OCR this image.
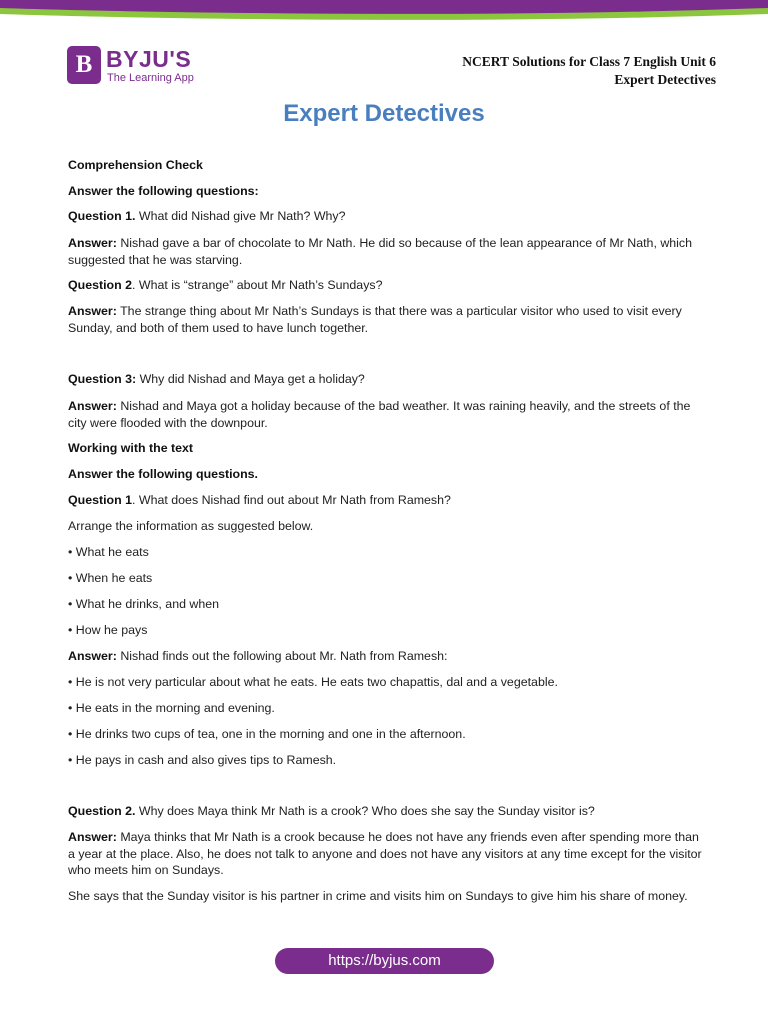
B BYJU'S
The Learning App
NCERT Solutions for Class 7 English Unit 6
Expert Detectives
Expert Detectives

Comprehension Check

Answer the following questions:

Question 1. What did Nishad give Mr Nath? Why?

Answer: Nishad gave a bar of chocolate to Mr Nath. He did so because of the lean appearance of Mr Nath, which suggested that he was starving.

Question 2. What is “strange” about Mr Nath’s Sundays?

Answer: The strange thing about Mr Nath’s Sundays is that there was a particular visitor who used to visit every Sunday, and both of them used to have lunch together.

Question 3: Why did Nishad and Maya get a holiday?

Answer: Nishad and Maya got a holiday because of the bad weather. It was raining heavily, and the streets of the city were flooded with the downpour.

Working with the text

Answer the following questions.

Question 1. What does Nishad find out about Mr Nath from Ramesh?

Arrange the information as suggested below.

• What he eats

• When he eats

• What he drinks, and when

• How he pays

Answer: Nishad finds out the following about Mr. Nath from Ramesh:

• He is not very particular about what he eats. He eats two chapattis, dal and a vegetable.

• He eats in the morning and evening.

• He drinks two cups of tea, one in the morning and one in the afternoon.

• He pays in cash and also gives tips to Ramesh.

Question 2. Why does Maya think Mr Nath is a crook? Who does she say the Sunday visitor is?

Answer: Maya thinks that Mr Nath is a crook because he does not have any friends even after spending more than a year at the place. Also, he does not talk to anyone and does not have any visitors at any time except for the visitor who meets him on Sundays.

She says that the Sunday visitor is his partner in crime and visits him on Sundays to give him his share of money.

https://byjus.com
